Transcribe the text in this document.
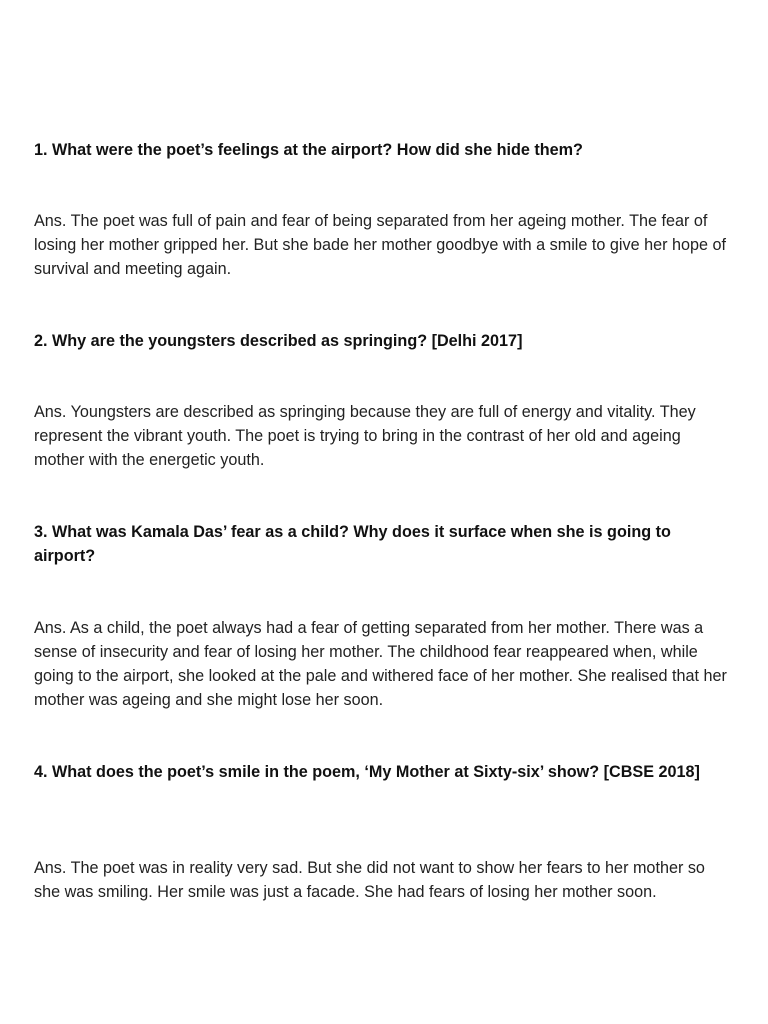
1. What were the poet’s feelings at the airport? How did she hide them?

Ans. The poet was full of pain and fear of being separated from her ageing mother. The fear of losing her mother gripped her. But she bade her mother goodbye with a smile to give her hope of survival and meeting again.

2. Why are the youngsters described as springing? [Delhi 2017]

Ans. Youngsters are described as springing because they are full of energy and vitality. They represent the vibrant youth. The poet is trying to bring in the contrast of her old and ageing mother with the energetic youth.

3. What was Kamala Das’ fear as a child? Why does it surface when she is going to airport?

Ans. As a child, the poet always had a fear of getting separated from her mother. There was a sense of insecurity and fear of losing her mother. The childhood fear reappeared when, while going to the airport, she looked at the pale and withered face of her mother. She realised that her mother was ageing and she might lose her soon.

4. What does the poet’s smile in the poem, ‘My Mother at Sixty-six’ show? [CBSE 2018]

Ans. The poet was in reality very sad. But she did not want to show her fears to her mother so she was smiling. Her smile was just a facade. She had fears of losing her mother soon.
